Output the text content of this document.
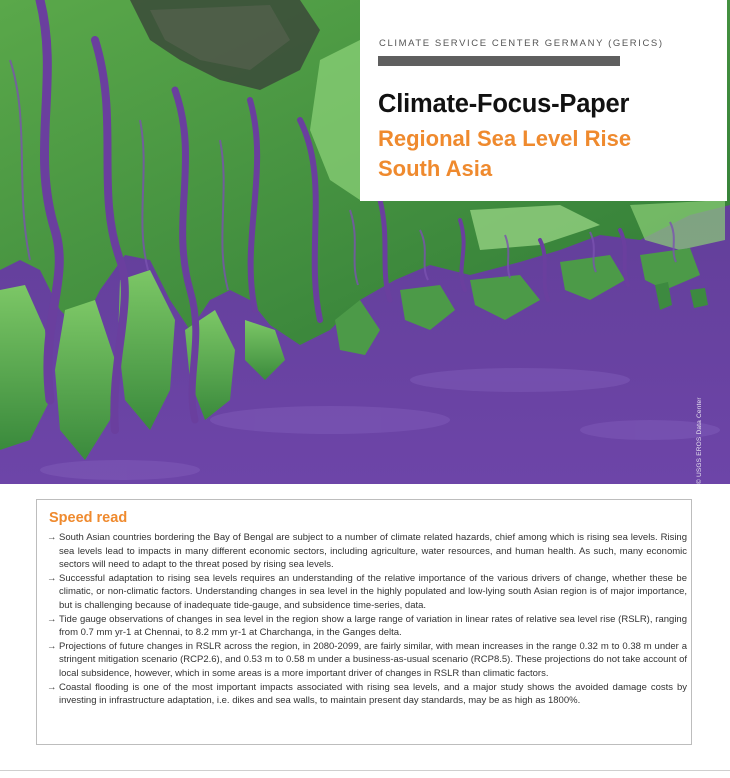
© USGS EROS Data Center
CLIMATE SERVICE CENTER GERMANY (GERICS)
Climate-Focus-Paper
Regional Sea Level Rise
South Asia
Speed read
→ South Asian countries bordering the Bay of Bengal are subject to a number of climate related hazards, chief among which is rising sea levels. Rising sea levels lead to impacts in many different economic sectors, including agriculture, water resources, and human health. As such, many economic sectors will need to adapt to the threat posed by rising sea levels.
→ Successful adaptation to rising sea levels requires an understanding of the relative importance of the various drivers of change, whether these be climatic, or non-climatic factors. Understanding changes in sea level in the highly populated and low-lying south Asian region is of major importance, but is challenging because of inadequate tide-gauge, and subsidence time-series, data.
→ Tide gauge observations of changes in sea level in the region show a large range of variation in linear rates of relative sea level rise (RSLR), ranging from 0.7 mm yr-1 at Chennai, to 8.2 mm yr-1 at Charchanga, in the Ganges delta.
→ Projections of future changes in RSLR across the region, in 2080-2099, are fairly similar, with mean increases in the range 0.32 m to 0.38 m under a stringent mitigation scenario (RCP2.6), and 0.53 m to 0.58 m under a business-as-usual scenario (RCP8.5). These projections do not take account of local subsidence, however, which in some areas is a more important driver of changes in RSLR than climatic factors.
→ Coastal flooding is one of the most important impacts associated with rising sea levels, and a major study shows the avoided damage costs by investing in infrastructure adaptation, i.e. dikes and sea walls, to maintain present day standards, may be as high as 1800%.
